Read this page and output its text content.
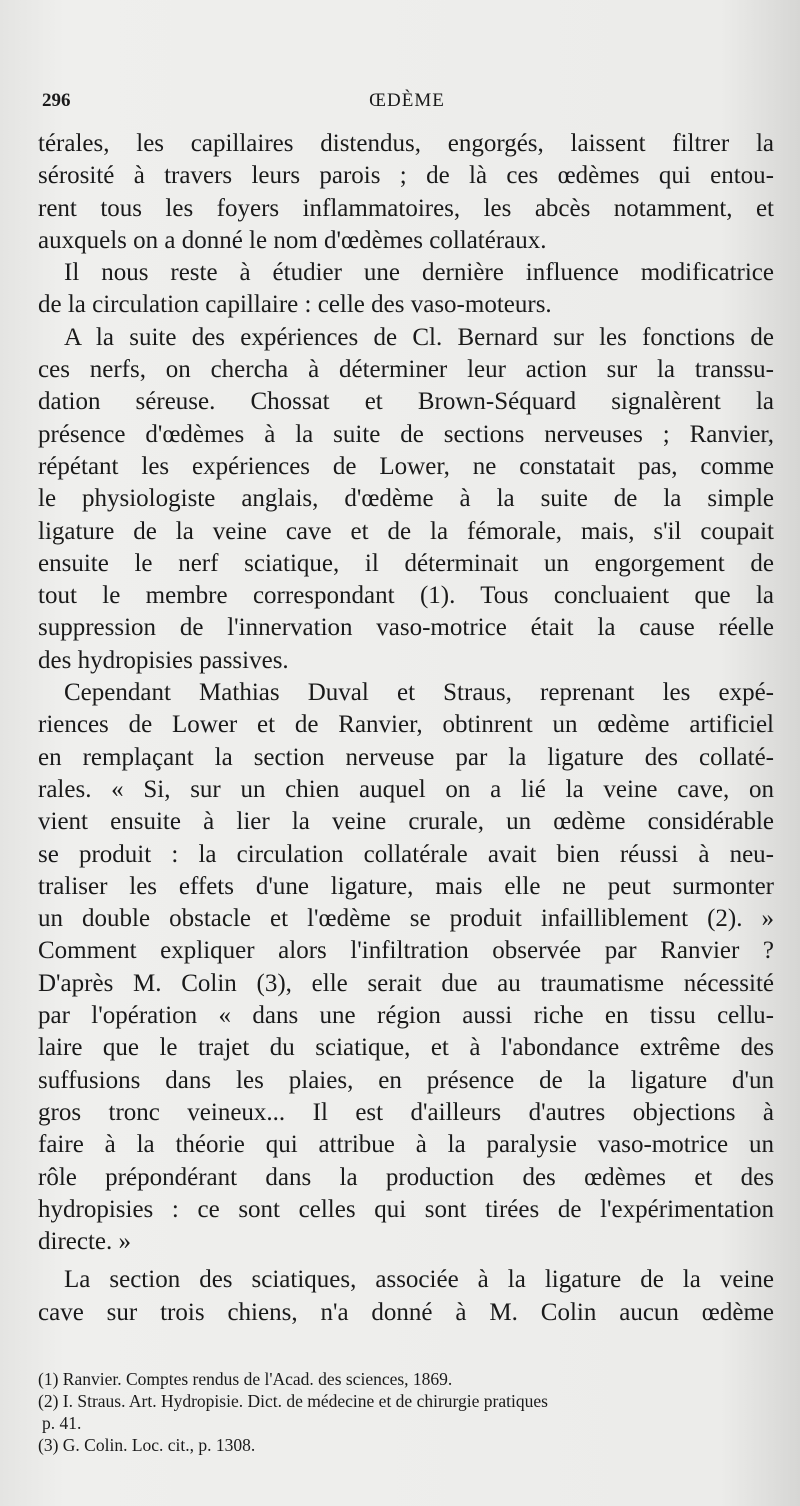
296	ŒDÈME
térales, les capillaires distendus, engorgés, laissent filtrer la
sérosité à travers leurs parois ; de là ces œdèmes qui entou-
rent tous les foyers inflammatoires, les abcès notamment, et
auxquels on a donné le nom d'œdèmes collatéraux.
Il nous reste à étudier une dernière influence modificatrice
de la circulation capillaire : celle des vaso-moteurs.
A la suite des expériences de Cl. Bernard sur les fonctions de
ces nerfs, on chercha à déterminer leur action sur la transsu-
dation séreuse. Chossat et Brown-Séquard signalèrent la
présence d'œdèmes à la suite de sections nerveuses ; Ranvier,
répétant les expériences de Lower, ne constatait pas, comme
le physiologiste anglais, d'œdème à la suite de la simple
ligature de la veine cave et de la fémorale, mais, s'il coupait
ensuite le nerf sciatique, il déterminait un engorgement de
tout le membre correspondant (1). Tous concluaient que la
suppression de l'innervation vaso-motrice était la cause réelle
des hydropisies passives.
Cependant Mathias Duval et Straus, reprenant les expé-
riences de Lower et de Ranvier, obtinrent un œdème artificiel
en remplaçant la section nerveuse par la ligature des collaté-
rales. « Si, sur un chien auquel on a lié la veine cave, on
vient ensuite à lier la veine crurale, un œdème considérable
se produit : la circulation collatérale avait bien réussi à neu-
traliser les effets d'une ligature, mais elle ne peut surmonter
un double obstacle et l'œdème se produit infailliblement (2). »
Comment expliquer alors l'infiltration observée par Ranvier ?
D'après M. Colin (3), elle serait due au traumatisme nécessité
par l'opération « dans une région aussi riche en tissu cellu-
laire que le trajet du sciatique, et à l'abondance extrême des
suffusions dans les plaies, en présence de la ligature d'un
gros tronc veineux... Il est d'ailleurs d'autres objections à
faire à la théorie qui attribue à la paralysie vaso-motrice un
rôle prépondérant dans la production des œdèmes et des
hydropisies : ce sont celles qui sont tirées de l'expérimentation
directe. »
La section des sciatiques, associée à la ligature de la veine
cave sur trois chiens, n'a donné à M. Colin aucun œdème
(1) Ranvier. Comptes rendus de l'Acad. des sciences, 1869.
(2) I. Straus. Art. Hydropisie. Dict. de médecine et de chirurgie pratiques
p. 41.
(3) G. Colin. Loc. cit., p. 1308.
